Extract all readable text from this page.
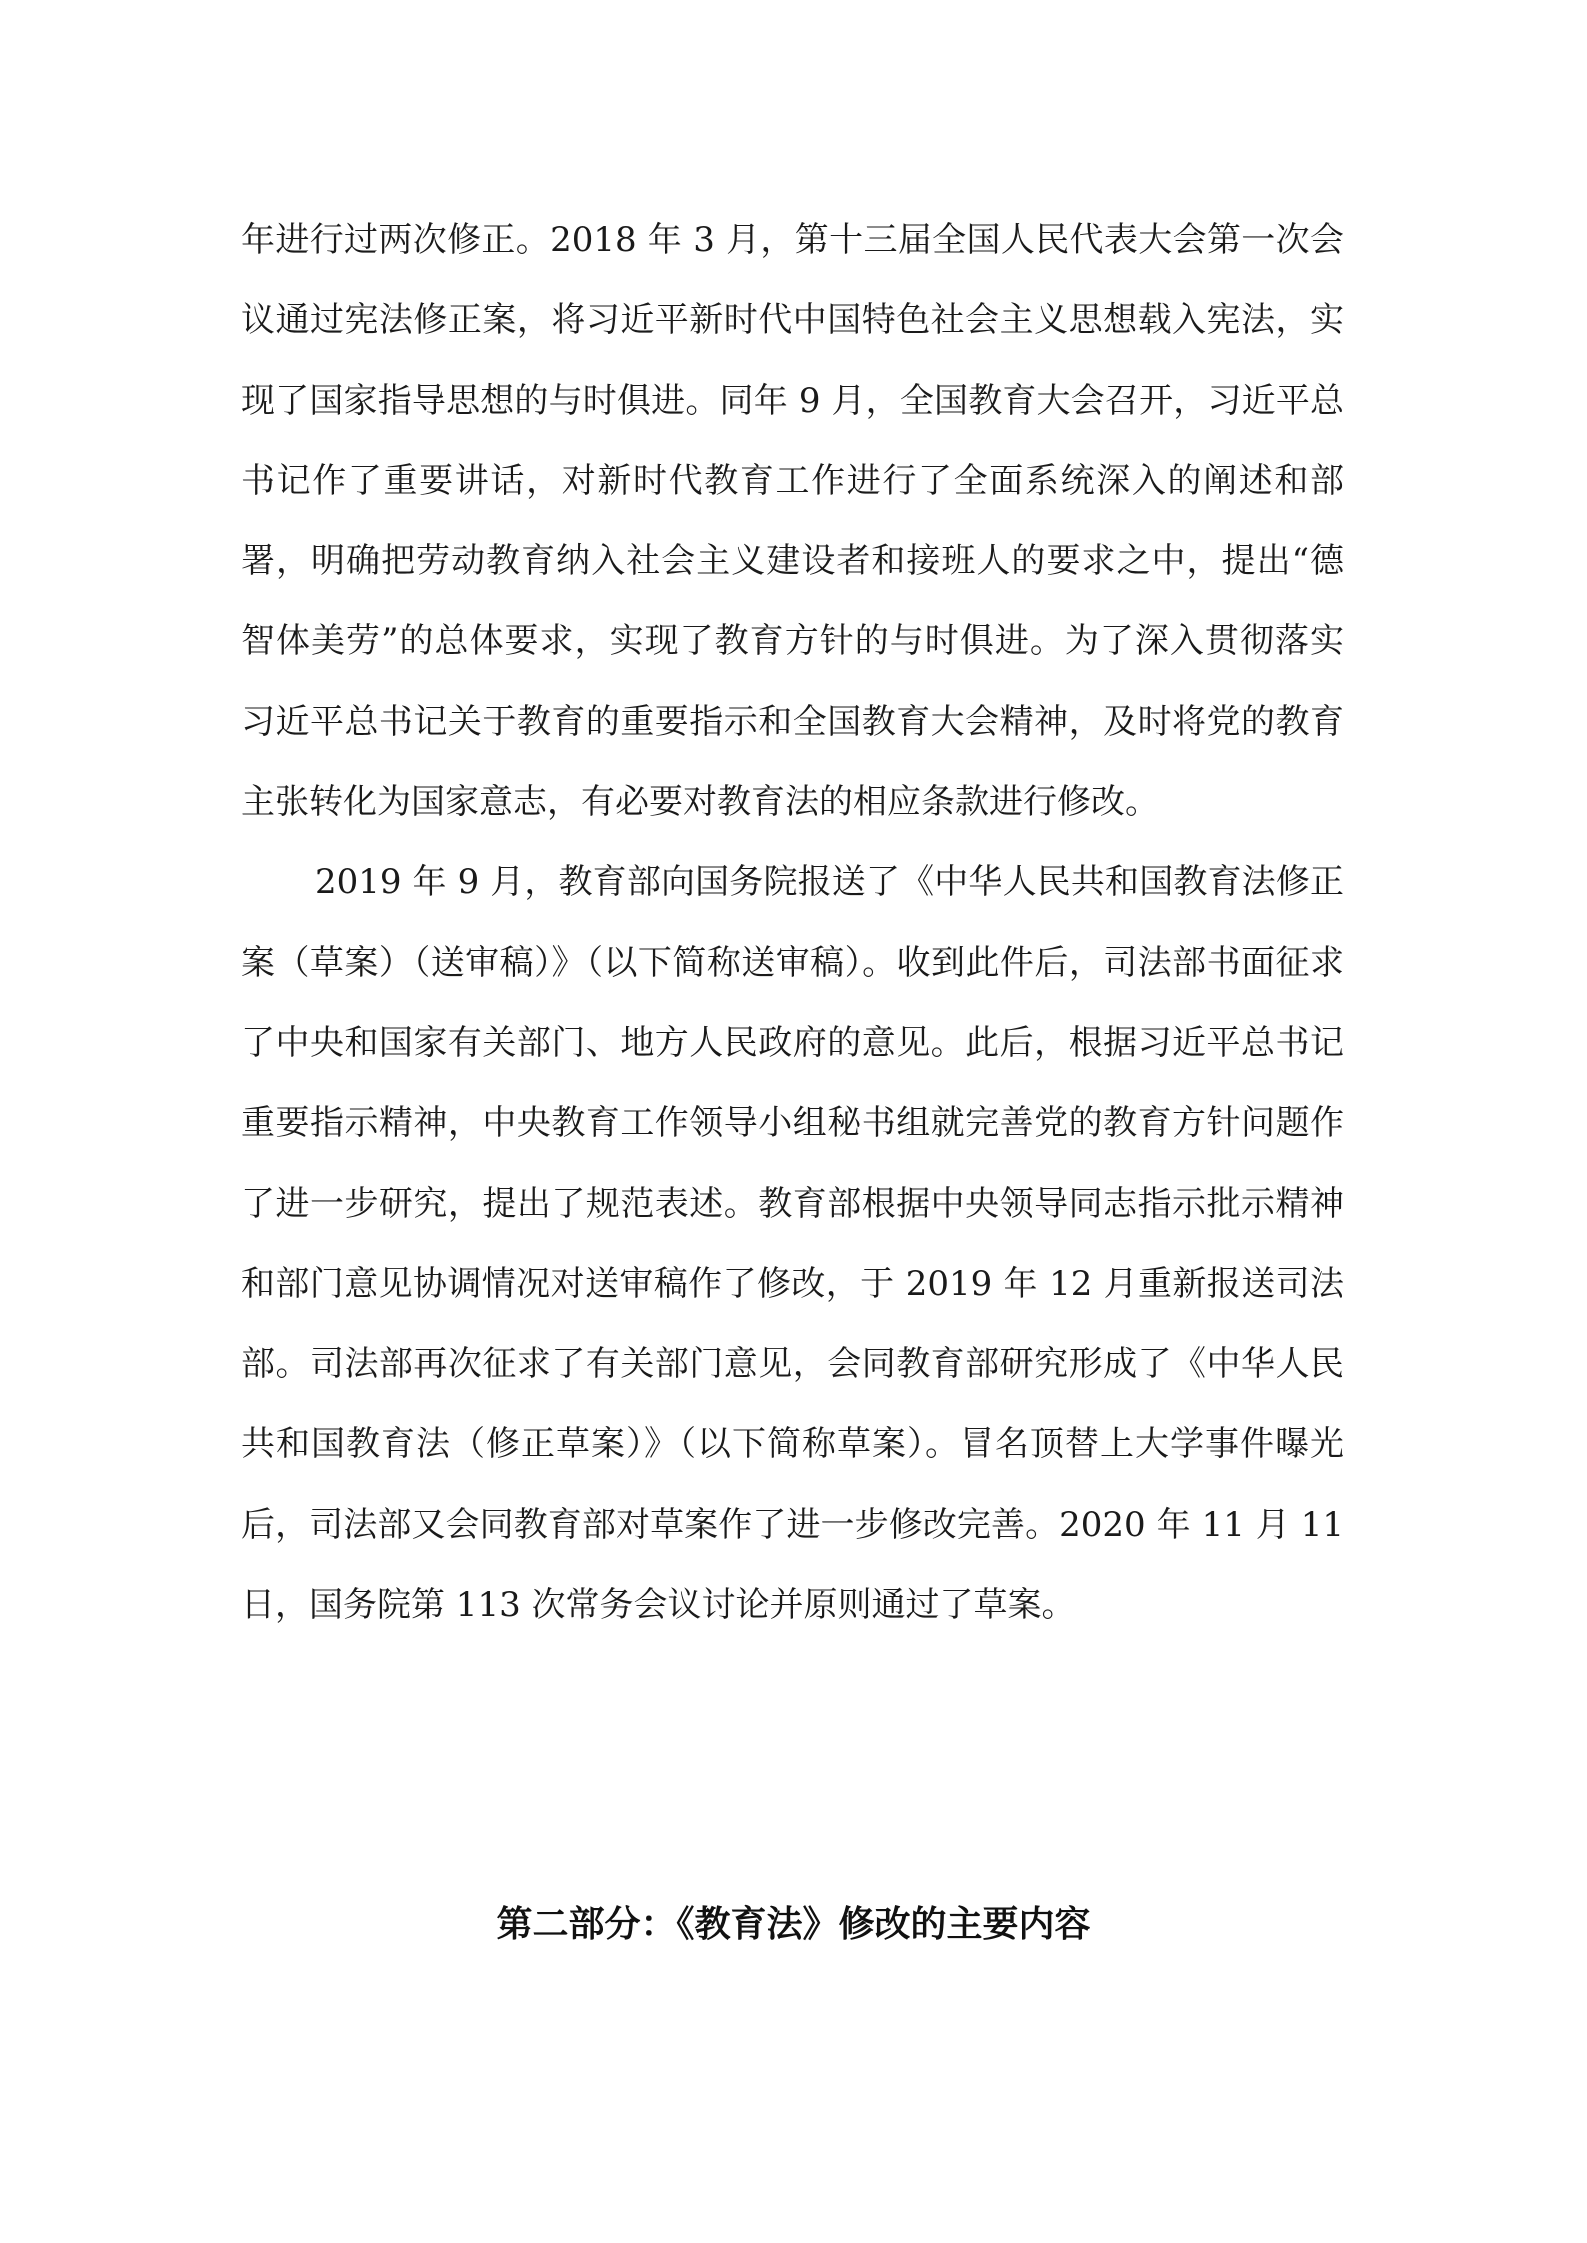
年进行过两次修正。2018 年 3 月，第十三届全国人民代表大会第一次会议通过宪法修正案，将习近平新时代中国特色社会主义思想载入宪法，实现了国家指导思想的与时俱进。同年 9 月，全国教育大会召开，习近平总书记作了重要讲话，对新时代教育工作进行了全面系统深入的阐述和部署，明确把劳动教育纳入社会主义建设者和接班人的要求之中，提出“德智体美劳”的总体要求，实现了教育方针的与时俱进。为了深入贯彻落实习近平总书记关于教育的重要指示和全国教育大会精神，及时将党的教育主张转化为国家意志，有必要对教育法的相应条款进行修改。

2019 年 9 月，教育部向国务院报送了《中华人民共和国教育法修正案（草案）（送审稿）》（以下简称送审稿）。收到此件后，司法部书面征求了中央和国家有关部门、地方人民政府的意见。此后，根据习近平总书记重要指示精神，中央教育工作领导小组秘书组就完善党的教育方针问题作了进一步研究，提出了规范表述。教育部根据中央领导同志指示批示精神和部门意见协调情况对送审稿作了修改，于 2019 年 12 月重新报送司法部。司法部再次征求了有关部门意见，会同教育部研究形成了《中华人民共和国教育法（修正草案）》（以下简称草案）。冒名顶替上大学事件曝光后，司法部又会同教育部对草案作了进一步修改完善。2020 年 11 月 11 日，国务院第 113 次常务会议讨论并原则通过了草案。

第二部分：《教育法》修改的主要内容
